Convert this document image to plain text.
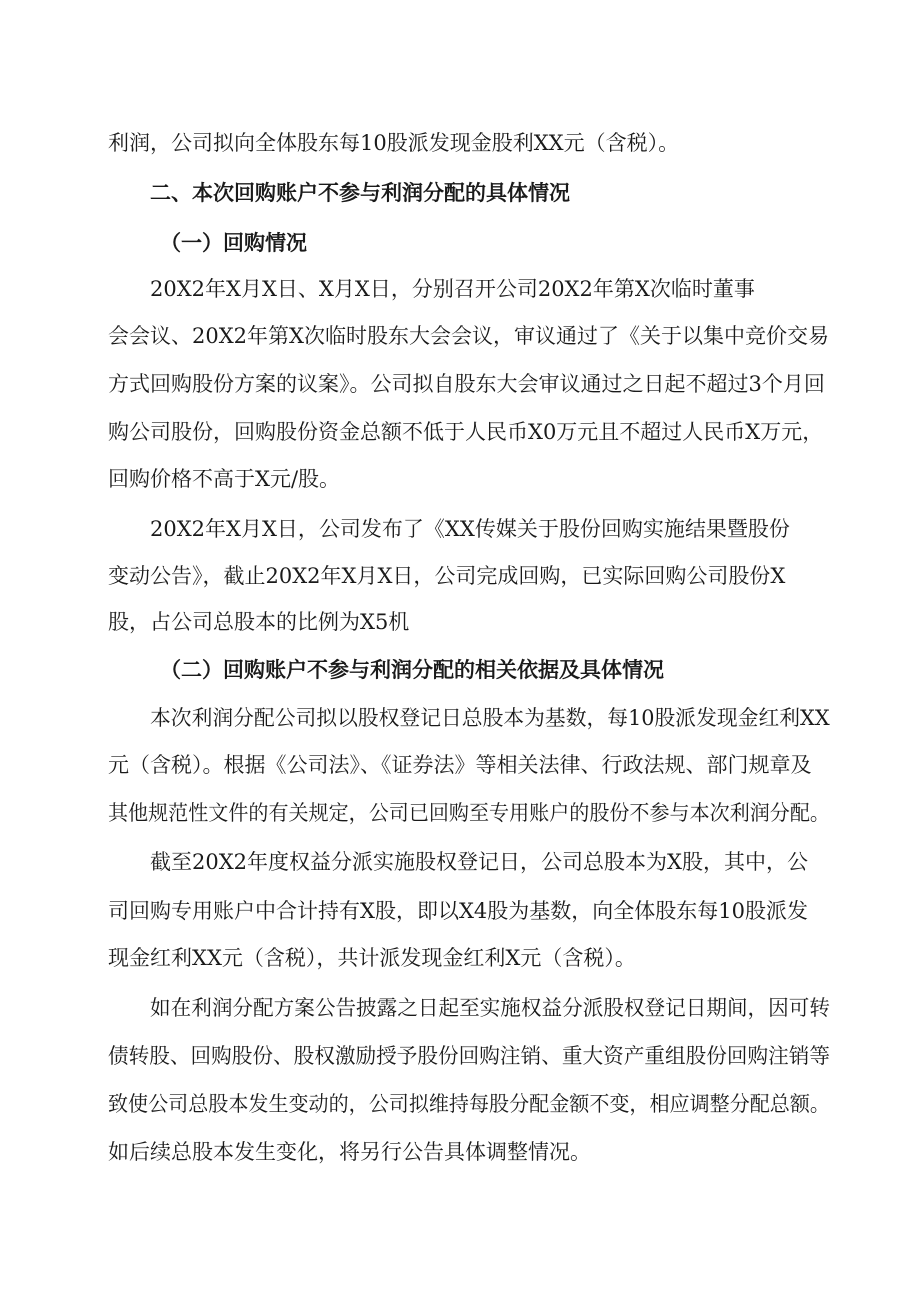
利润，公司拟向全体股东每10股派发现金股利XX元（含税）。
二、本次回购账户不参与利润分配的具体情况
（一）回购情况
20X2年X月X日、X月X日，分别召开公司20X2年第X次临时董事
会会议、20X2年第X次临时股东大会会议，审议通过了《关于以集中竞价交易
方式回购股份方案的议案》。公司拟自股东大会审议通过之日起不超过3个月回
购公司股份，回购股份资金总额不低于人民币X0万元且不超过人民币X万元，
回购价格不高于X元/股。
20X2年X月X日，公司发布了《XX传媒关于股份回购实施结果暨股份
变动公告》，截止20X2年X月X日，公司完成回购，已实际回购公司股份X
股，占公司总股本的比例为X5机
（二）回购账户不参与利润分配的相关依据及具体情况
本次利润分配公司拟以股权登记日总股本为基数，每10股派发现金红利XX
元（含税）。根据《公司法》、《证券法》等相关法律、行政法规、部门规章及
其他规范性文件的有关规定，公司已回购至专用账户的股份不参与本次利润分配。
截至20X2年度权益分派实施股权登记日，公司总股本为X股，其中，公
司回购专用账户中合计持有X股，即以X4股为基数，向全体股东每10股派发
现金红利XX元（含税），共计派发现金红利X元（含税）。
如在利润分配方案公告披露之日起至实施权益分派股权登记日期间，因可转
债转股、回购股份、股权激励授予股份回购注销、重大资产重组股份回购注销等
致使公司总股本发生变动的，公司拟维持每股分配金额不变，相应调整分配总额。
如后续总股本发生变化，将另行公告具体调整情况。
